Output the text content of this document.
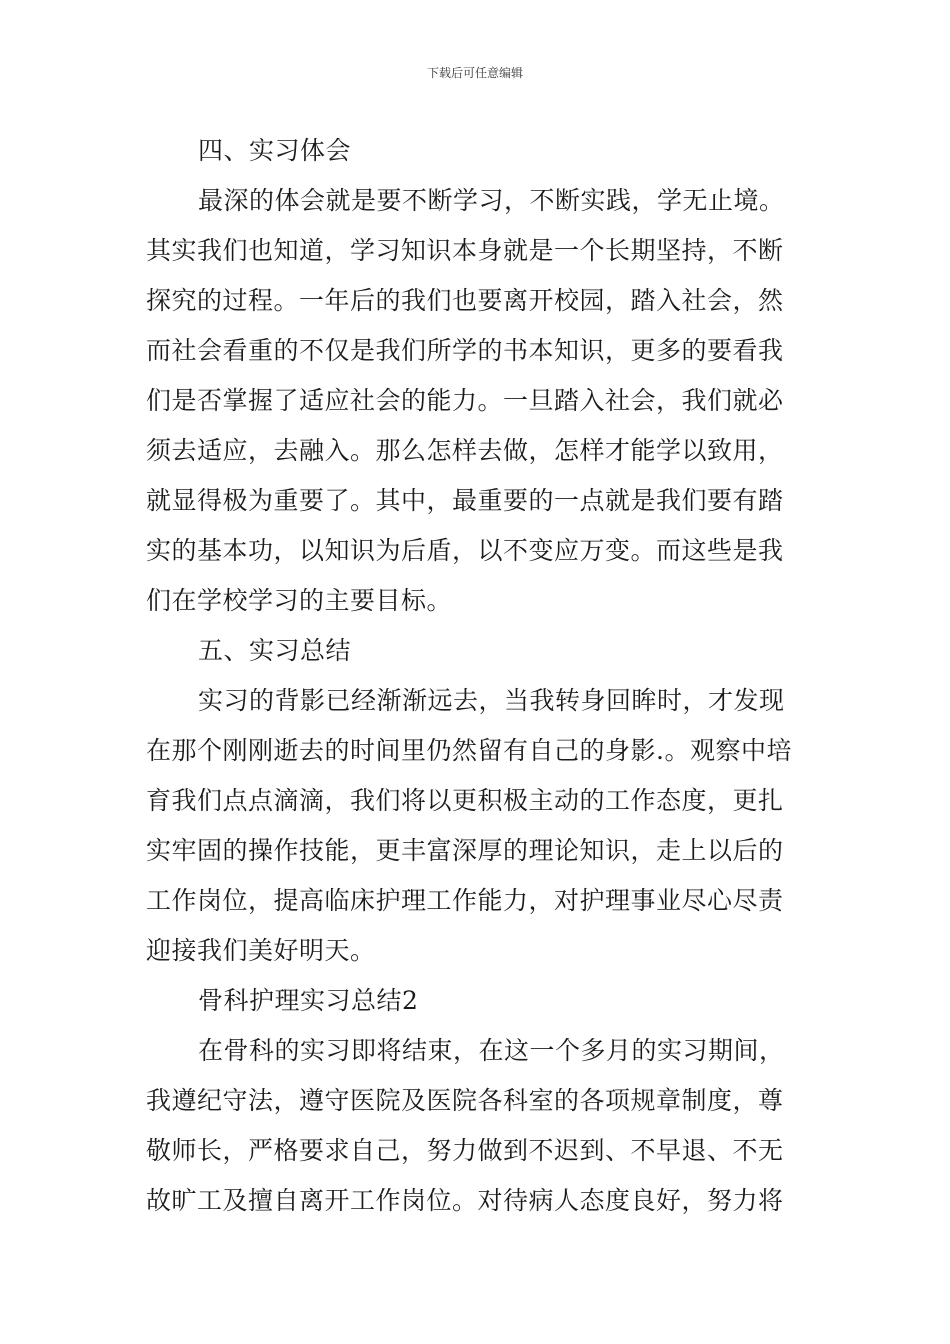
下载后可任意编辑

四、实习体会

最深的体会就是要不断学习，不断实践，学无止境。
其实我们也知道，学习知识本身就是一个长期坚持，不断
探究的过程。一年后的我们也要离开校园，踏入社会，然
而社会看重的不仅是我们所学的书本知识，更多的要看我
们是否掌握了适应社会的能力。一旦踏入社会，我们就必
须去适应，去融入。那么怎样去做，怎样才能学以致用，
就显得极为重要了。其中，最重要的一点就是我们要有踏
实的基本功，以知识为后盾，以不变应万变。而这些是我
们在学校学习的主要目标。

五、实习总结

实习的背影已经渐渐远去，当我转身回眸时，才发现
在那个刚刚逝去的时间里仍然留有自己的身影.。观察中培
育我们点点滴滴，我们将以更积极主动的工作态度，更扎
实牢固的操作技能，更丰富深厚的理论知识，走上以后的
工作岗位，提高临床护理工作能力，对护理事业尽心尽责
迎接我们美好明天。

骨科护理实习总结2

在骨科的实习即将结束，在这一个多月的实习期间，
我遵纪守法，遵守医院及医院各科室的各项规章制度，尊
敬师长，严格要求自己，努力做到不迟到、不早退、不无
故旷工及擅自离开工作岗位。对待病人态度良好，努力将
